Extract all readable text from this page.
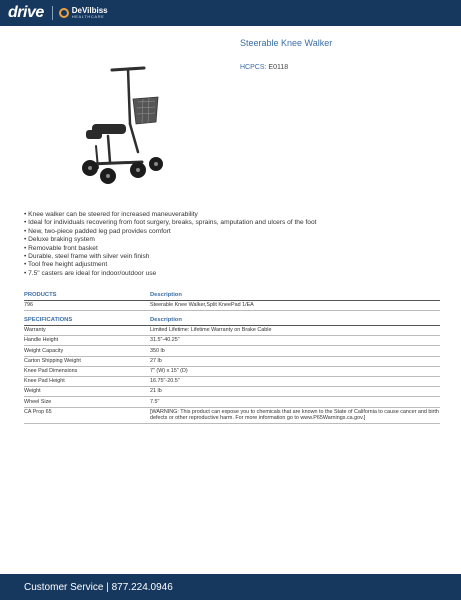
drive	DeVilbiss
HEALTHCARE
Steerable Knee Walker
HCPCS: E0118
• Knee walker can be steered for increased maneuverability
• Ideal for individuals recovering from foot surgery, breaks, sprains, amputation and ulcers of the foot
• New, two-piece padded leg pad provides comfort
• Deluxe braking system
• Removable front basket
• Durable, steel frame with silver vein finish
• Tool free height adjustment
• 7.5" casters are ideal for indoor/outdoor use
PRODUCTS	Description
796	Steerable Knee Walker,Split KneePad 1/EA
SPECIFICATIONS	Description
Warranty	Limited Lifetime: Lifetime Warranty on Brake Cable
Handle Height	31.5"-40.25"
Weight Capacity	350 lb
Carton Shipping Weight	27 lb
Knee Pad Dimensions	7" (W) x 15" (D)
Knee Pad Height	16.75"-20.5"
Weight	21 lb
Wheel Size	7.5"
CA Prop 65	[WARNING: This product can expose you to chemicals that are known to the State of California to cause cancer and birth defects or other reproductive harm. For more information go to www.P65Warnings.ca.gov.]
Customer Service | 877.224.0946
